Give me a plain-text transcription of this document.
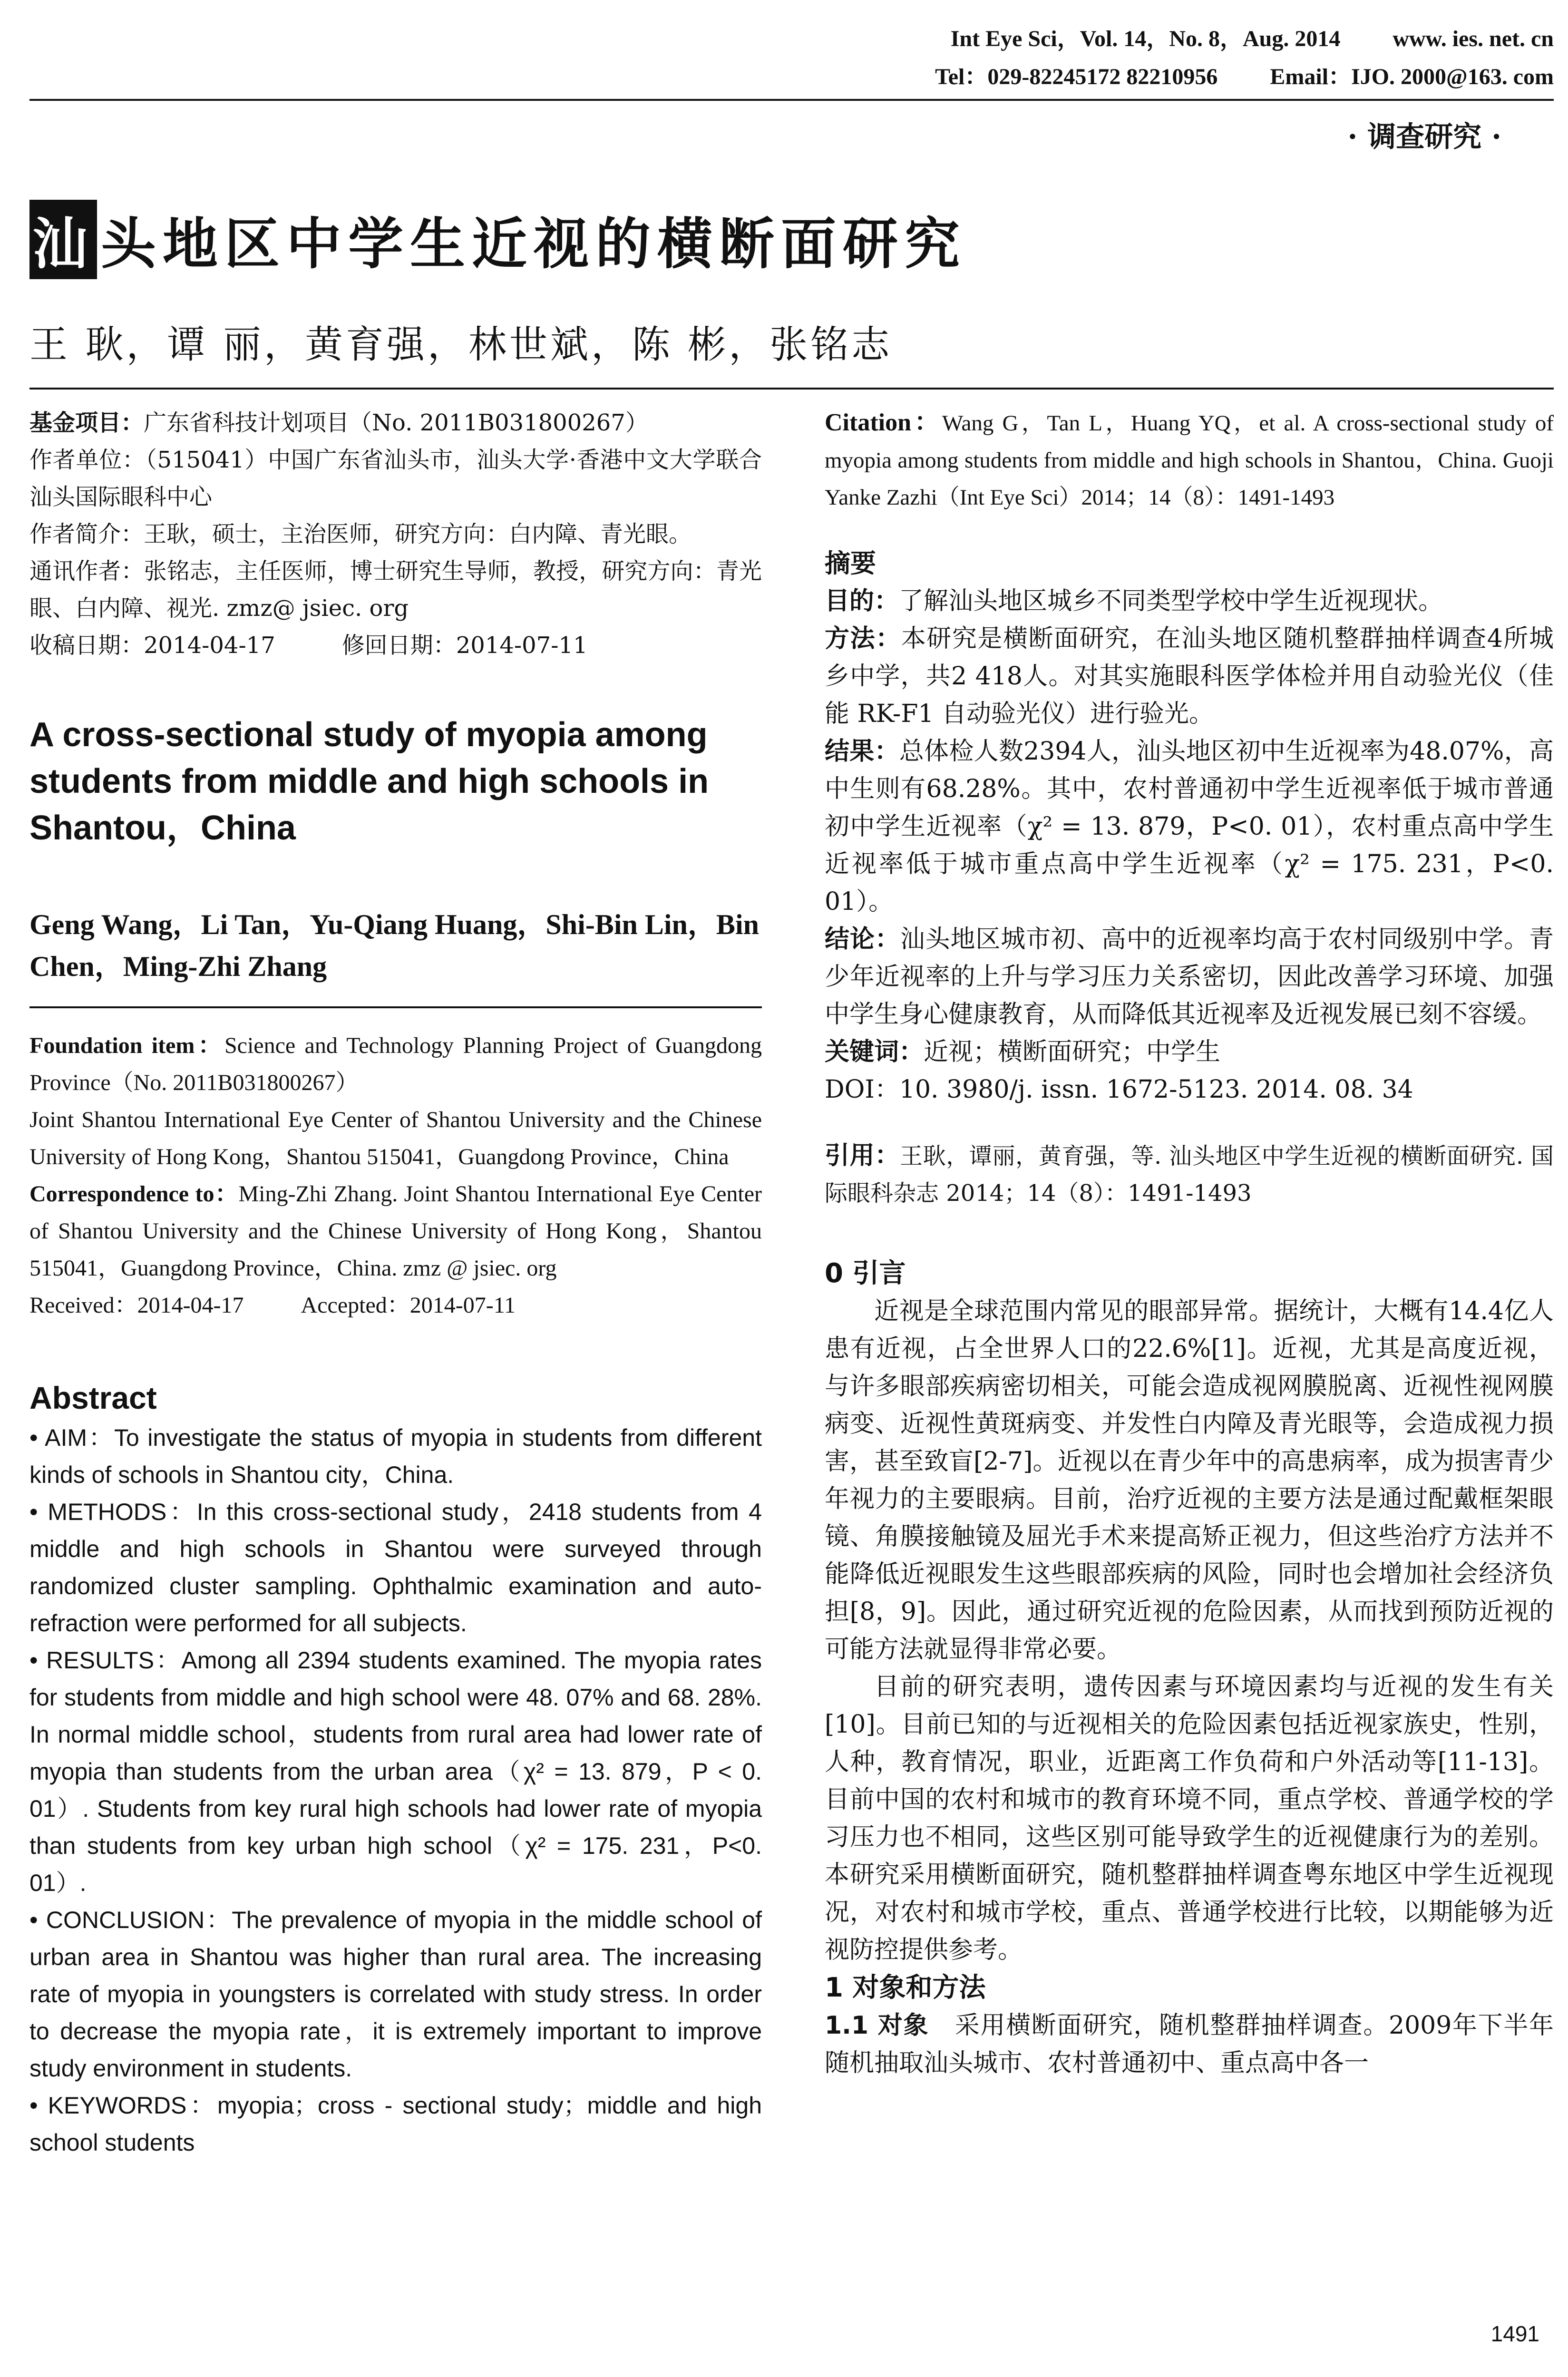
Int Eye Sci，Vol. 14，No. 8，Aug. 2014 www. ies. net. cn
Tel：029-82245172 82210956 Email：IJO. 2000@163. com
· 调查研究 ·
汕 头地区中学生近视的横断面研究
王 耿，谭 丽，黄育强，林世斌，陈 彬，张铭志

基金项目：广东省科技计划项目（No. 2011B031800267）

作者单位：（515041）中国广东省汕头市，汕头大学·香港中文大学联合汕头国际眼科中心

作者简介：王耿，硕士，主治医师，研究方向：白内障、青光眼。

通讯作者：张铭志，主任医师，博士研究生导师，教授，研究方向：青光眼、白内障、视光. zmz@ jsiec. org

收稿日期：2014-04-17	修回日期：2014-07-11

A cross-sectional study of myopia among students from middle and high schools in Shantou，China
Geng Wang，Li Tan，Yu-Qiang Huang，Shi-Bin Lin，Bin Chen，Ming-Zhi Zhang

Foundation item：Science and Technology Planning Project of Guangdong Province（No. 2011B031800267）

Joint Shantou International Eye Center of Shantou University and the Chinese University of Hong Kong，Shantou 515041，Guangdong Province，China

Correspondence to：Ming-Zhi Zhang. Joint Shantou International Eye Center of Shantou University and the Chinese University of Hong Kong，Shantou 515041，Guangdong Province，China. zmz @ jsiec. org

Received：2014-04-17	Accepted：2014-07-11

Abstract

• AIM：To investigate the status of myopia in students from different kinds of schools in Shantou city，China.

• METHODS：In this cross-sectional study，2418 students from 4 middle and high schools in Shantou were surveyed through randomized cluster sampling. Ophthalmic examination and auto-refraction were performed for all subjects.

• RESULTS：Among all 2394 students examined. The myopia rates for students from middle and high school were 48. 07% and 68. 28%. In normal middle school，students from rural area had lower rate of myopia than students from the urban area（χ² = 13. 879，P < 0. 01）. Students from key rural high schools had lower rate of myopia than students from key urban high school（χ² = 175. 231，P<0. 01）.

• CONCLUSION：The prevalence of myopia in the middle school of urban area in Shantou was higher than rural area. The increasing rate of myopia in youngsters is correlated with study stress. In order to decrease the myopia rate，it is extremely important to improve study environment in students.

• KEYWORDS：myopia；cross - sectional study；middle and high school students

Citation：Wang G，Tan L，Huang YQ，et al. A cross-sectional study of myopia among students from middle and high schools in Shantou，China. Guoji Yanke Zazhi（Int Eye Sci）2014；14（8）：1491-1493

摘要

目的：了解汕头地区城乡不同类型学校中学生近视现状。

方法：本研究是横断面研究，在汕头地区随机整群抽样调查4所城乡中学，共2 418人。对其实施眼科医学体检并用自动验光仪（佳能 RK-F1 自动验光仪）进行验光。

结果：总体检人数2394人，汕头地区初中生近视率为48.07%，高中生则有68.28%。其中，农村普通初中学生近视率低于城市普通初中学生近视率（χ² = 13. 879，P<0. 01），农村重点高中学生近视率低于城市重点高中学生近视率（χ² = 175. 231，P<0. 01）。

结论：汕头地区城市初、高中的近视率均高于农村同级别中学。青少年近视率的上升与学习压力关系密切，因此改善学习环境、加强中学生身心健康教育，从而降低其近视率及近视发展已刻不容缓。

关键词：近视；横断面研究；中学生

DOI：10. 3980/j. issn. 1672-5123. 2014. 08. 34

引用：王耿，谭丽，黄育强，等. 汕头地区中学生近视的横断面研究. 国际眼科杂志 2014；14（8）：1491-1493

0 引言

近视是全球范围内常见的眼部异常。据统计，大概有14.4亿人患有近视，占全世界人口的22.6%[1]。近视，尤其是高度近视，与许多眼部疾病密切相关，可能会造成视网膜脱离、近视性视网膜病变、近视性黄斑病变、并发性白内障及青光眼等，会造成视力损害，甚至致盲[2-7]。近视以在青少年中的高患病率，成为损害青少年视力的主要眼病。目前，治疗近视的主要方法是通过配戴框架眼镜、角膜接触镜及屈光手术来提高矫正视力，但这些治疗方法并不能降低近视眼发生这些眼部疾病的风险，同时也会增加社会经济负担[8，9]。因此，通过研究近视的危险因素，从而找到预防近视的可能方法就显得非常必要。

目前的研究表明，遗传因素与环境因素均与近视的发生有关[10]。目前已知的与近视相关的危险因素包括近视家族史，性别，人种，教育情况，职业，近距离工作负荷和户外活动等[11-13]。目前中国的农村和城市的教育环境不同，重点学校、普通学校的学习压力也不相同，这些区别可能导致学生的近视健康行为的差别。本研究采用横断面研究，随机整群抽样调查粤东地区中学生近视现况，对农村和城市学校，重点、普通学校进行比较，以期能够为近视防控提供参考。

1 对象和方法

1.1 对象 采用横断面研究，随机整群抽样调查。2009年下半年随机抽取汕头城市、农村普通初中、重点高中各一

1491
